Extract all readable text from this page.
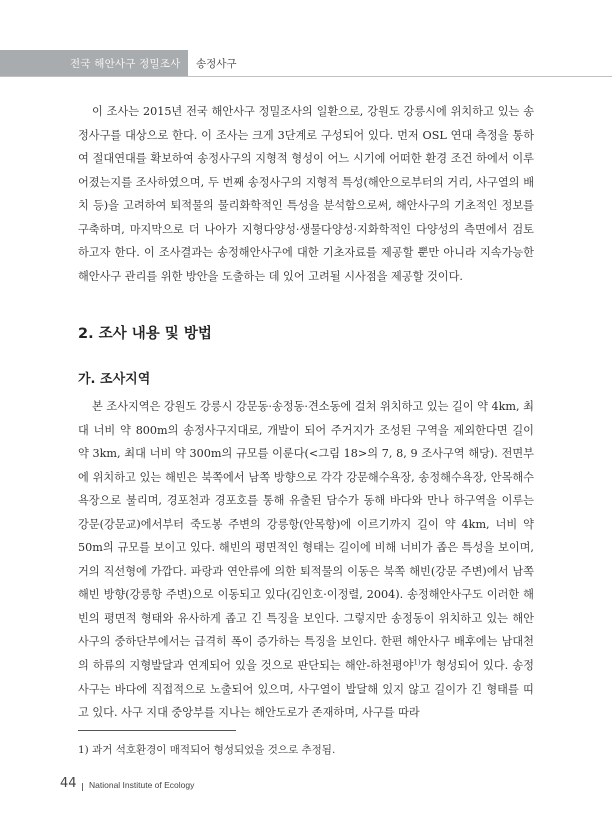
전국 해안사구 정밀조사 송정사구

이 조사는 2015년 전국 해안사구 정밀조사의 일환으로, 강원도 강릉시에 위치하고 있는 송정사구를 대상으로 한다. 이 조사는 크게 3단계로 구성되어 있다. 먼저 OSL 연대 측정을 통하여 절대연대를 확보하여 송정사구의 지형적 형성이 어느 시기에 어떠한 환경 조건 하에서 이루어졌는지를 조사하였으며, 두 번째 송정사구의 지형적 특성(해안으로부터의 거리, 사구열의 배치 등)을 고려하여 퇴적물의 물리화학적인 특성을 분석함으로써, 해안사구의 기초적인 정보를 구축하며, 마지막으로 더 나아가 지형다양성·생물다양성·지화학적인 다양성의 측면에서 검토하고자 한다. 이 조사결과는 송정해안사구에 대한 기초자료를 제공할 뿐만 아니라 지속가능한 해안사구 관리를 위한 방안을 도출하는 데 있어 고려될 시사점을 제공할 것이다.

2. 조사 내용 및 방법
가. 조사지역

본 조사지역은 강원도 강릉시 강문동·송정동·견소동에 걸쳐 위치하고 있는 길이 약 4km, 최대 너비 약 800m의 송정사구지대로, 개발이 되어 주거지가 조성된 구역을 제외한다면 길이 약 3km, 최대 너비 약 300m의 규모를 이룬다(<그림 18>의 7, 8, 9 조사구역 해당). 전면부에 위치하고 있는 해빈은 북쪽에서 남쪽 방향으로 각각 강문해수욕장, 송정해수욕장, 안목해수욕장으로 불리며, 경포천과 경포호를 통해 유출된 담수가 동해 바다와 만나 하구역을 이루는 강문(강문교)에서부터 죽도봉 주변의 강릉항(안목항)에 이르기까지 길이 약 4km, 너비 약 50m의 규모를 보이고 있다. 해빈의 평면적인 형태는 길이에 비해 너비가 좁은 특성을 보이며, 거의 직선형에 가깝다. 파랑과 연안류에 의한 퇴적물의 이동은 북쪽 해빈(강문 주변)에서 남쪽 해빈 방향(강릉항 주변)으로 이동되고 있다(김인호·이정렬, 2004). 송정해안사구도 이러한 해빈의 평면적 형태와 유사하게 좁고 긴 특징을 보인다. 그렇지만 송정동이 위치하고 있는 해안사구의 중하단부에서는 급격히 폭이 증가하는 특징을 보인다. 한편 해안사구 배후에는 남대천의 하류의 지형발달과 연계되어 있을 것으로 판단되는 해안-하천평야$^{1)}$가 형성되어 있다. 송정 사구는 바다에 직접적으로 노출되어 있으며, 사구열이 발달해 있지 않고 길이가 긴 형태를 띠고 있다. 사구 지대 중앙부를 지나는 해안도로가 존재하며, 사구를 따라

1) 과거 석호환경이 매적되어 형성되었을 것으로 추정됨.

44 National Institute of Ecology
